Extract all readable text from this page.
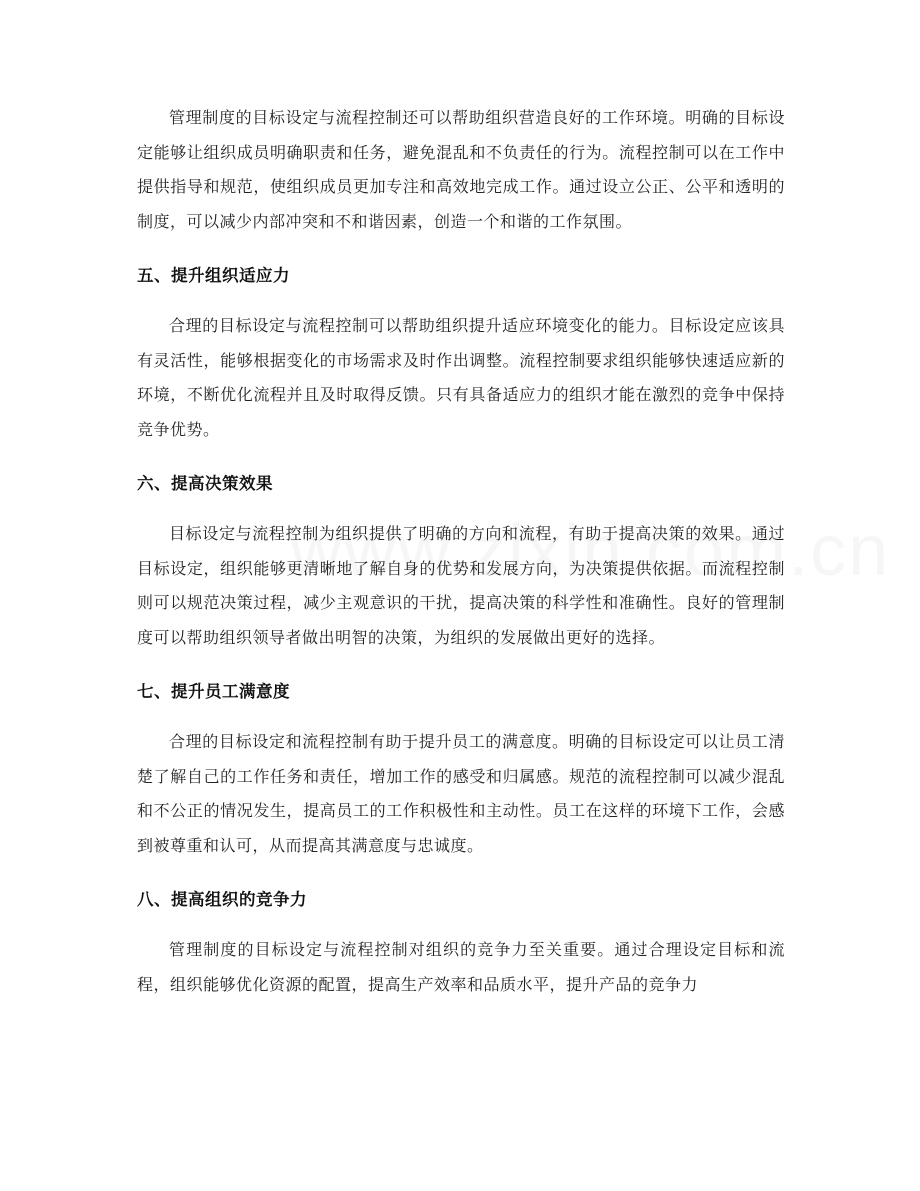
管理制度的目标设定与流程控制还可以帮助组织营造良好的工作环境。明确的目标设定能够让组织成员明确职责和任务，避免混乱和不负责任的行为。流程控制可以在工作中提供指导和规范，使组织成员更加专注和高效地完成工作。通过设立公正、公平和透明的制度，可以减少内部冲突和不和谐因素，创造一个和谐的工作氛围。

五、提升组织适应力

合理的目标设定与流程控制可以帮助组织提升适应环境变化的能力。目标设定应该具有灵活性，能够根据变化的市场需求及时作出调整。流程控制要求组织能够快速适应新的环境，不断优化流程并且及时取得反馈。只有具备适应力的组织才能在激烈的竞争中保持竞争优势。

六、提高决策效果

目标设定与流程控制为组织提供了明确的方向和流程，有助于提高决策的效果。通过目标设定，组织能够更清晰地了解自身的优势和发展方向，为决策提供依据。而流程控制则可以规范决策过程，减少主观意识的干扰，提高决策的科学性和准确性。良好的管理制度可以帮助组织领导者做出明智的决策，为组织的发展做出更好的选择。

七、提升员工满意度

合理的目标设定和流程控制有助于提升员工的满意度。明确的目标设定可以让员工清楚了解自己的工作任务和责任，增加工作的感受和归属感。规范的流程控制可以减少混乱和不公正的情况发生，提高员工的工作积极性和主动性。员工在这样的环境下工作，会感到被尊重和认可，从而提高其满意度与忠诚度。

八、提高组织的竞争力

管理制度的目标设定与流程控制对组织的竞争力至关重要。通过合理设定目标和流程，组织能够优化资源的配置，提高生产效率和品质水平，提升产品的竞争力
